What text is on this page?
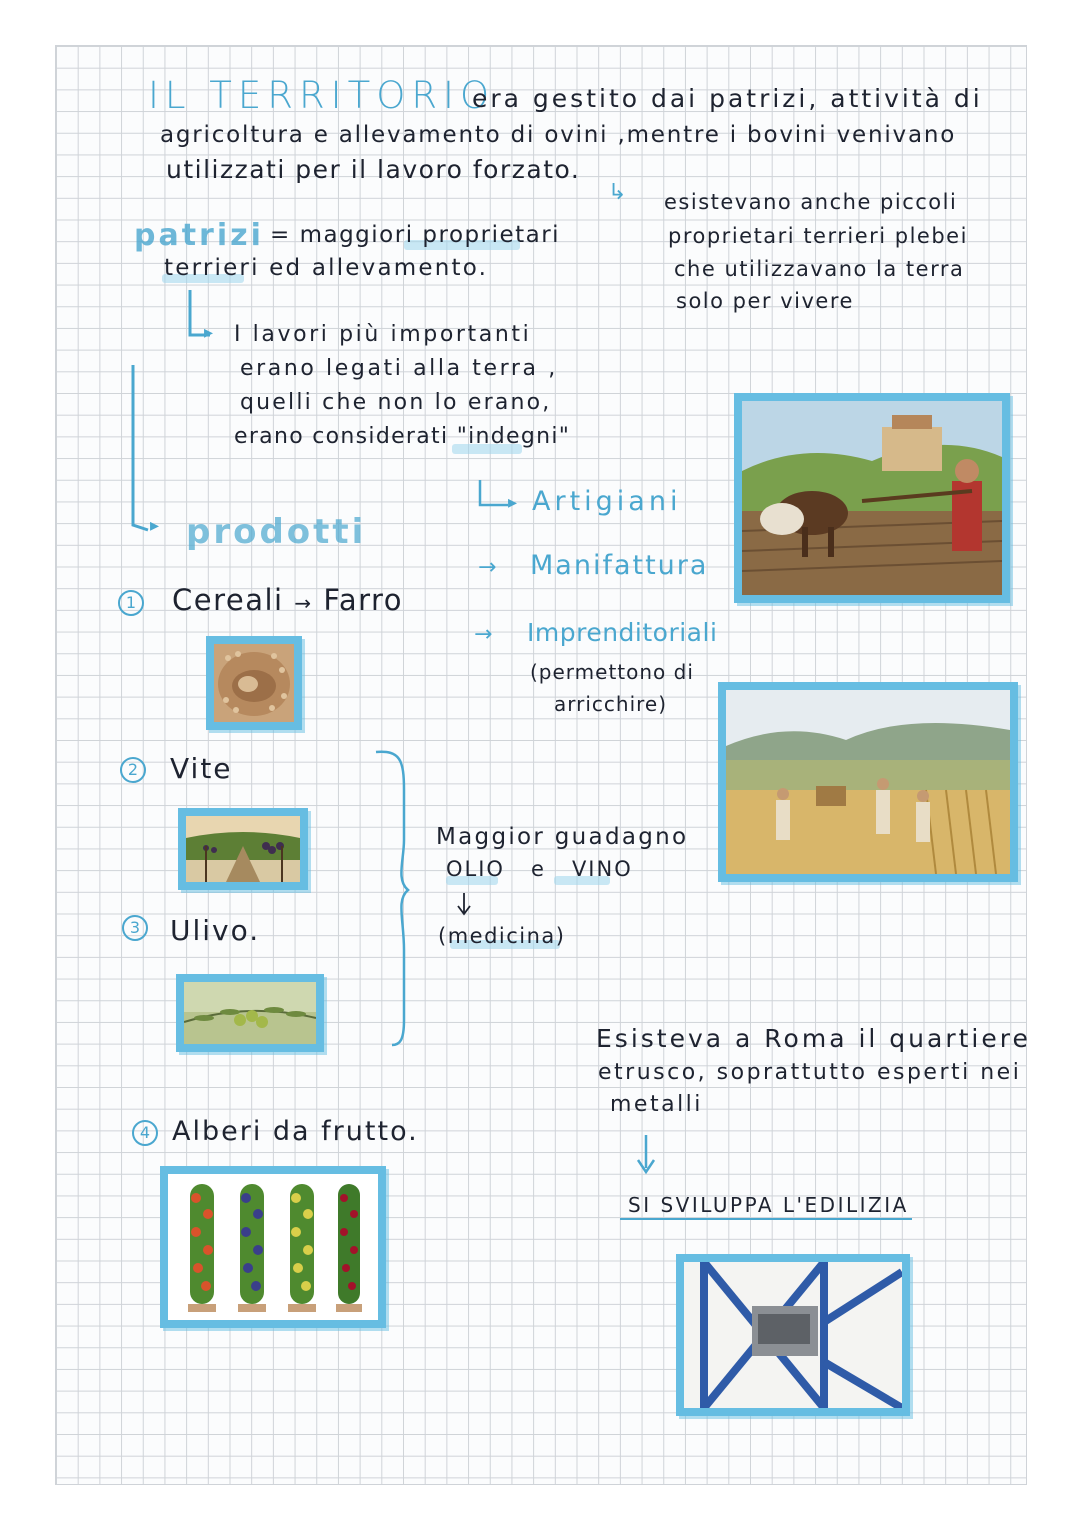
IL TERRITORIO
era gestito dai patrizi, attività di
agricoltura e allevamento di ovini ,mentre i bovini venivano
utilizzati per il lavoro forzato.
↳ esistevano anche piccoli
proprietari terrieri plebei
che utilizzavano la terra
solo per vivere
patrizi = maggiori proprietari
terrieri ed allevamento.
▸ I lavori più importanti
erano legati alla terra ,
quelli che non lo erano,
erano considerati "indegni"
▸ Artigiani
→ Manifattura
→ Imprenditoriali
(permettono di
arricchire)
▸ prodotti
1 Cereali → Farro
2 Vite
3 Ulivo.
4 Alberi da frutto.
Maggior guadagno
OLIO e VINO
(medicina)
Esisteva a Roma il quartiere
etrusco, soprattutto esperti nei
metalli
SI SVILUPPA L'EDILIZIA
